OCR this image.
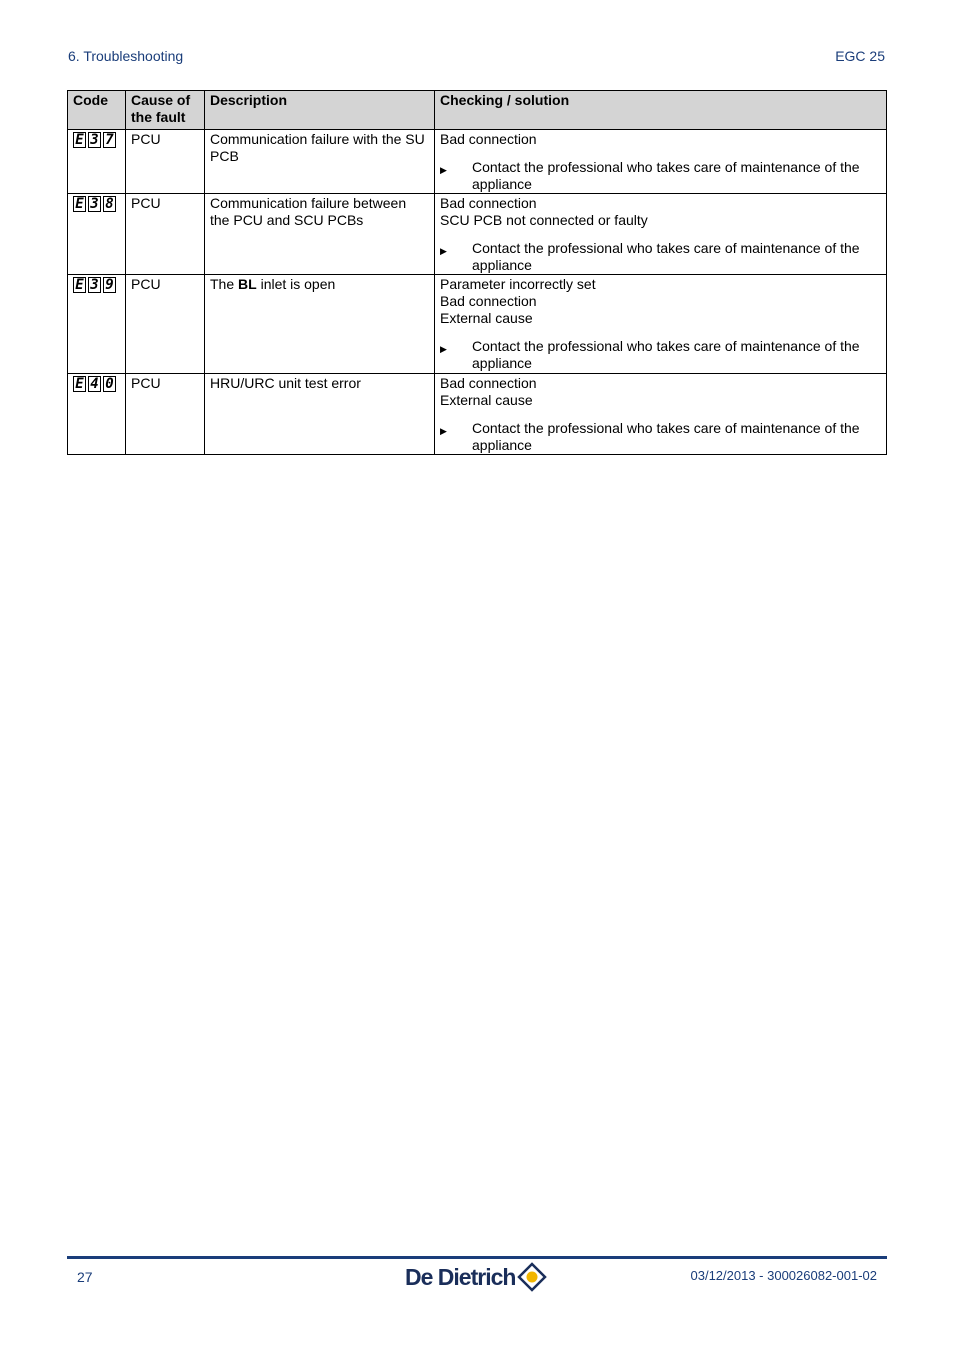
6. Troubleshooting	EGC 25
Code	Cause of the fault	Description	Checking / solution

E 3 7	PCU	Communication failure with the SU PCB	Bad connection
▶ Contact the professional who takes care of maintenance of the appliance

E 3 8	PCU	Communication failure between the PCU and SCU PCBs	Bad connection
SCU PCB not connected or faulty
▶ Contact the professional who takes care of maintenance of the appliance

E 3 9	PCU	The BL inlet is open	Parameter incorrectly set
Bad connection
External cause
▶ Contact the professional who takes care of maintenance of the appliance

E 4 0	PCU	HRU/URC unit test error	Bad connection
External cause
▶ Contact the professional who takes care of maintenance of the appliance
27	De Dietrich	03/12/2013 - 300026082-001-02
